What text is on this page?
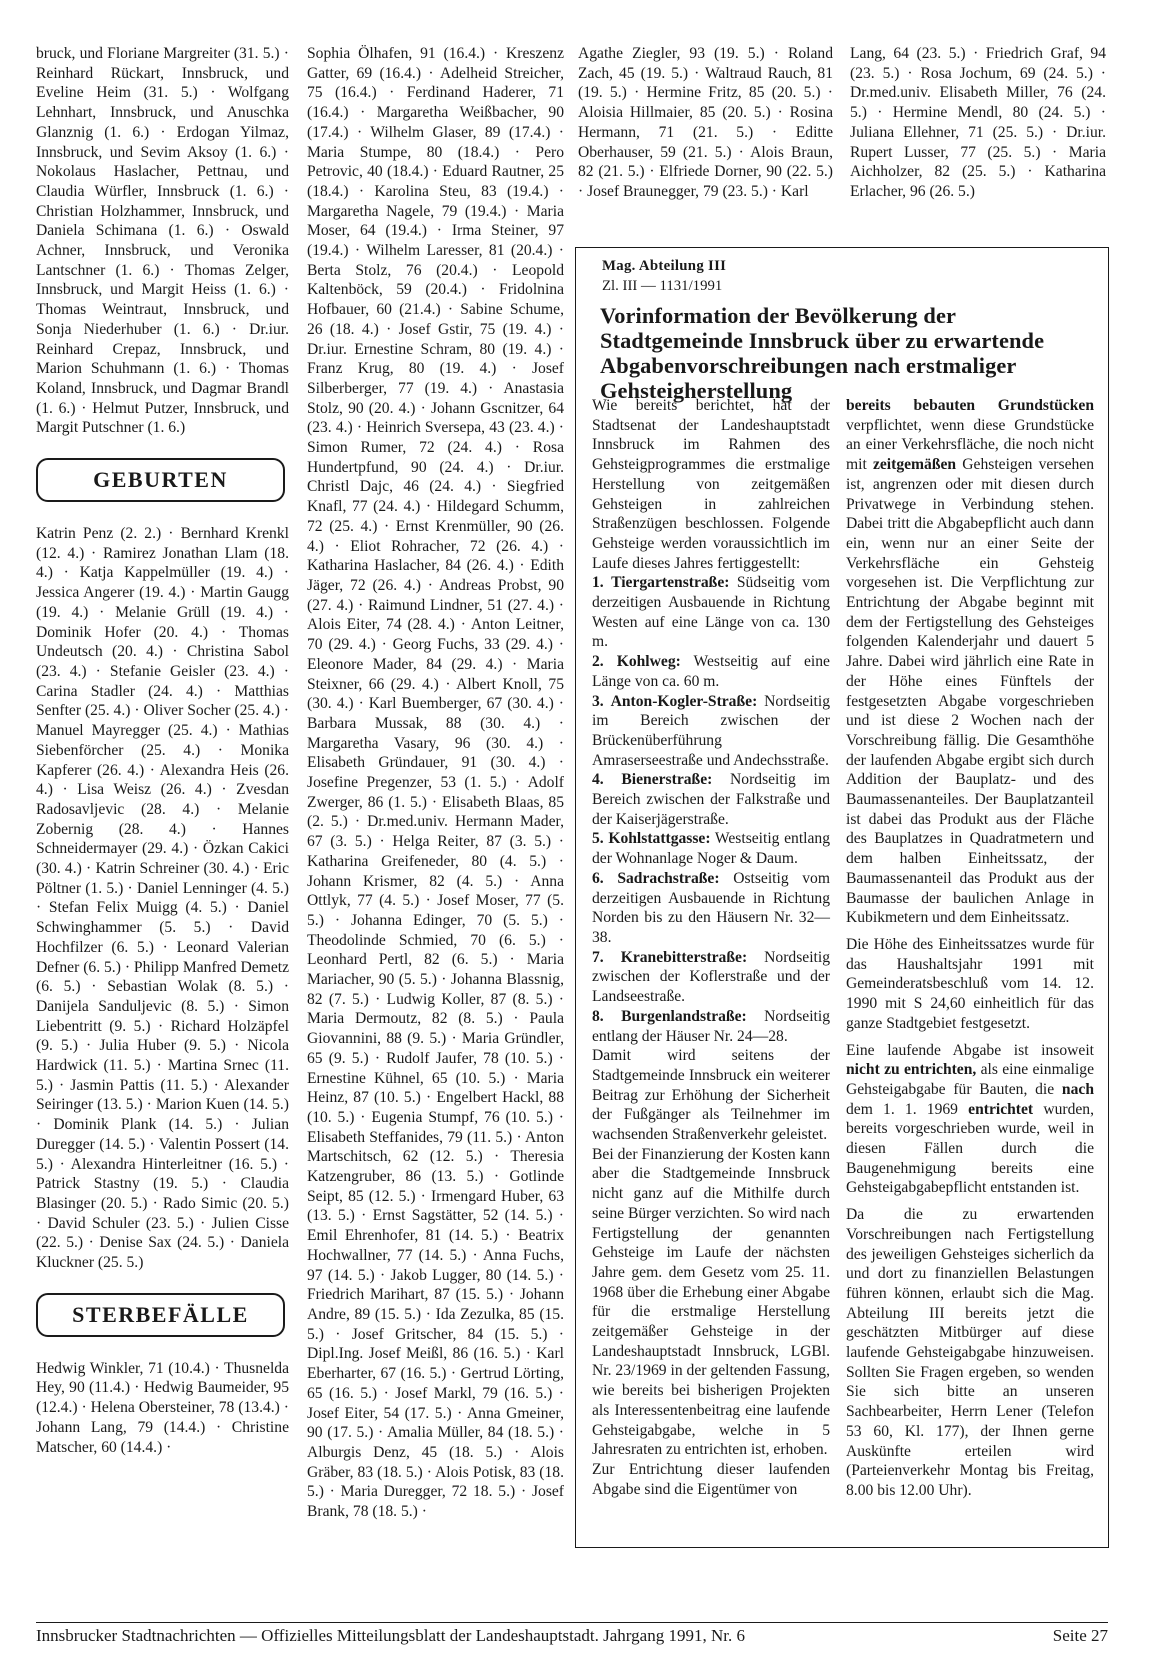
bruck, und Floriane Margreiter (31. 5.) · Reinhard Rückart, Innsbruck, und Eveline Heim (31. 5.) · Wolfgang Lehnhart, Innsbruck, und Anuschka Glanznig (1. 6.) · Erdogan Yilmaz, Innsbruck, und Sevim Aksoy (1. 6.) · Nokolaus Haslacher, Pettnau, und Claudia Würfler, Innsbruck (1. 6.) · Christian Holzhammer, Innsbruck, und Daniela Schimana (1. 6.) · Oswald Achner, Innsbruck, und Veronika Lantschner (1. 6.) · Thomas Zelger, Innsbruck, und Margit Heiss (1. 6.) · Thomas Weintraut, Innsbruck, und Sonja Niederhuber (1. 6.) · Dr.iur. Reinhard Crepaz, Innsbruck, und Marion Schuhmann (1. 6.) · Thomas Koland, Innsbruck, und Dagmar Brandl (1. 6.) · Helmut Putzer, Innsbruck, und Margit Putschner (1. 6.)

GEBURTEN

Katrin Penz (2. 2.) · Bernhard Krenkl (12. 4.) · Ramirez Jonathan Llam (18. 4.) · Katja Kappelmüller (19. 4.) · Jessica Angerer (19. 4.) · Martin Gaugg (19. 4.) · Melanie Grüll (19. 4.) · Dominik Hofer (20. 4.) · Thomas Undeutsch (20. 4.) · Christina Sabol (23. 4.) · Stefanie Geisler (23. 4.) · Carina Stadler (24. 4.) · Matthias Senfter (25. 4.) · Oliver Socher (25. 4.) · Manuel Mayregger (25. 4.) · Mathias Siebenförcher (25. 4.) · Monika Kapferer (26. 4.) · Alexandra Heis (26. 4.) · Lisa Weisz (26. 4.) · Zvesdan Radosavljevic (28. 4.) · Melanie Zobernig (28. 4.) · Hannes Schneidermayer (29. 4.) · Özkan Cakici (30. 4.) · Katrin Schreiner (30. 4.) · Eric Pöltner (1. 5.) · Daniel Lenninger (4. 5.) · Stefan Felix Muigg (4. 5.) · Daniel Schwinghammer (5. 5.) · David Hochfilzer (6. 5.) · Leonard Valerian Defner (6. 5.) · Philipp Manfred Demetz (6. 5.) · Sebastian Wolak (8. 5.) · Danijela Sanduljevic (8. 5.) · Simon Liebentritt (9. 5.) · Richard Holzäpfel (9. 5.) · Julia Huber (9. 5.) · Nicola Hardwick (11. 5.) · Martina Srnec (11. 5.) · Jasmin Pattis (11. 5.) · Alexander Seiringer (13. 5.) · Marion Kuen (14. 5.) · Dominik Plank (14. 5.) · Julian Duregger (14. 5.) · Valentin Possert (14. 5.) · Alexandra Hinterleitner (16. 5.) · Patrick Stastny (19. 5.) · Claudia Blasinger (20. 5.) · Rado Simic (20. 5.) · David Schuler (23. 5.) · Julien Cisse (22. 5.) · Denise Sax (24. 5.) · Daniela Kluckner (25. 5.)

STERBEFÄLLE

Hedwig Winkler, 71 (10.4.) · Thusnelda Hey, 90 (11.4.) · Hedwig Baumeider, 95 (12.4.) · Helena Obersteiner, 78 (13.4.) · Johann Lang, 79 (14.4.) · Christine Matscher, 60 (14.4.) ·

Sophia Ölhafen, 91 (16.4.) · Kreszenz Gatter, 69 (16.4.) · Adelheid Streicher, 75 (16.4.) · Ferdinand Haderer, 71 (16.4.) · Margaretha Weißbacher, 90 (17.4.) · Wilhelm Glaser, 89 (17.4.) · Maria Stumpe, 80 (18.4.) · Pero Petrovic, 40 (18.4.) · Eduard Rautner, 25 (18.4.) · Karolina Steu, 83 (19.4.) · Margaretha Nagele, 79 (19.4.) · Maria Moser, 64 (19.4.) · Irma Steiner, 97 (19.4.) · Wilhelm Laresser, 81 (20.4.) · Berta Stolz, 76 (20.4.) · Leopold Kaltenböck, 59 (20.4.) · Fridolnina Hofbauer, 60 (21.4.) · Sabine Schume, 26 (18. 4.) · Josef Gstir, 75 (19. 4.) · Dr.iur. Ernestine Schram, 80 (19. 4.) · Franz Krug, 80 (19. 4.) · Josef Silberberger, 77 (19. 4.) · Anastasia Stolz, 90 (20. 4.) · Johann Gscnitzer, 64 (23. 4.) · Heinrich Sversepa, 43 (23. 4.) · Simon Rumer, 72 (24. 4.) · Rosa Hundertpfund, 90 (24. 4.) · Dr.iur. Christl Dajc, 46 (24. 4.) · Siegfried Knafl, 77 (24. 4.) · Hildegard Schumm, 72 (25. 4.) · Ernst Krenmüller, 90 (26. 4.) · Eliot Rohracher, 72 (26. 4.) · Katharina Haslacher, 84 (26. 4.) · Edith Jäger, 72 (26. 4.) · Andreas Probst, 90 (27. 4.) · Raimund Lindner, 51 (27. 4.) · Alois Eiter, 74 (28. 4.) · Anton Leitner, 70 (29. 4.) · Georg Fuchs, 33 (29. 4.) · Eleonore Mader, 84 (29. 4.) · Maria Steixner, 66 (29. 4.) · Albert Knoll, 75 (30. 4.) · Karl Buemberger, 67 (30. 4.) · Barbara Mussak, 88 (30. 4.) · Margaretha Vasary, 96 (30. 4.) · Elisabeth Gründauer, 91 (30. 4.) · Josefine Pregenzer, 53 (1. 5.) · Adolf Zwerger, 86 (1. 5.) · Elisabeth Blaas, 85 (2. 5.) · Dr.med.univ. Hermann Mader, 67 (3. 5.) · Helga Reiter, 87 (3. 5.) · Katharina Greifeneder, 80 (4. 5.) · Johann Krismer, 82 (4. 5.) · Anna Ottlyk, 77 (4. 5.) · Josef Moser, 77 (5. 5.) · Johanna Edinger, 70 (5. 5.) · Theodolinde Schmied, 70 (6. 5.) · Leonhard Pertl, 82 (6. 5.) · Maria Mariacher, 90 (5. 5.) · Johanna Blassnig, 82 (7. 5.) · Ludwig Koller, 87 (8. 5.) · Maria Dermoutz, 82 (8. 5.) · Paula Giovannini, 88 (9. 5.) · Maria Gründler, 65 (9. 5.) · Rudolf Jaufer, 78 (10. 5.) · Ernestine Kühnel, 65 (10. 5.) · Maria Heinz, 87 (10. 5.) · Engelbert Hackl, 88 (10. 5.) · Eugenia Stumpf, 76 (10. 5.) · Elisabeth Steffanides, 79 (11. 5.) · Anton Martschitsch, 62 (12. 5.) · Theresia Katzengruber, 86 (13. 5.) · Gotlinde Seipt, 85 (12. 5.) · Irmengard Huber, 63 (13. 5.) · Ernst Sagstätter, 52 (14. 5.) · Emil Ehrenhofer, 81 (14. 5.) · Beatrix Hochwallner, 77 (14. 5.) · Anna Fuchs, 97 (14. 5.) · Jakob Lugger, 80 (14. 5.) · Friedrich Marihart, 87 (15. 5.) · Johann Andre, 89 (15. 5.) · Ida Zezulka, 85 (15. 5.) · Josef Gritscher, 84 (15. 5.) · Dipl.Ing. Josef Meißl, 86 (16. 5.) · Karl Eberharter, 67 (16. 5.) · Gertrud Lörting, 65 (16. 5.) · Josef Markl, 79 (16. 5.) · Josef Eiter, 54 (17. 5.) · Anna Gmeiner, 90 (17. 5.) · Amalia Müller, 84 (18. 5.) · Alburgis Denz, 45 (18. 5.) · Alois Gräber, 83 (18. 5.) · Alois Potisk, 83 (18. 5.) · Maria Duregger, 72 18. 5.) · Josef Brank, 78 (18. 5.) ·

Agathe Ziegler, 93 (19. 5.) · Roland Zach, 45 (19. 5.) · Waltraud Rauch, 81 (19. 5.) · Hermine Fritz, 85 (20. 5.) · Aloisia Hillmaier, 85 (20. 5.) · Rosina Hermann, 71 (21. 5.) · Editte Oberhauser, 59 (21. 5.) · Alois Braun, 82 (21. 5.) · Elfriede Dorner, 90 (22. 5.) · Josef Braunegger, 79 (23. 5.) · Karl

Lang, 64 (23. 5.) · Friedrich Graf, 94 (23. 5.) · Rosa Jochum, 69 (24. 5.) · Dr.med.univ. Elisabeth Miller, 76 (24. 5.) · Hermine Mendl, 80 (24. 5.) · Juliana Ellehner, 71 (25. 5.) · Dr.iur. Rupert Lusser, 77 (25. 5.) · Maria Aichholzer, 82 (25. 5.) · Katharina Erlacher, 96 (26. 5.)

Mag. Abteilung III
Zl. III — 1131/1991
Vorinformation der Bevölkerung der Stadtgemeinde Innsbruck über zu erwartende Abgabenvorschreibungen nach erstmaliger Gehsteigherstellung

Wie bereits berichtet, hat der Stadtsenat der Landeshauptstadt Innsbruck im Rahmen des Gehsteigprogrammes die erstmalige Herstellung von zeitgemäßen Gehsteigen in zahlreichen Straßenzügen beschlossen. Folgende Gehsteige werden voraussichtlich im Laufe dieses Jahres fertiggestellt:

1. Tiergartenstraße: Südseitig vom derzeitigen Ausbauende in Richtung Westen auf eine Länge von ca. 130 m.

2. Kohlweg: Westseitig auf eine Länge von ca. 60 m.

3. Anton-Kogler-Straße: Nordseitig im Bereich zwischen der Brückenüberführung Amraserseestraße und Andechsstraße.

4. Bienerstraße: Nordseitig im Bereich zwischen der Falkstraße und der Kaiserjägerstraße.

5. Kohlstattgasse: Westseitig entlang der Wohnanlage Noger & Daum.

6. Sadrachstraße: Ostseitig vom derzeitigen Ausbauende in Richtung Norden bis zu den Häusern Nr. 32—38.

7. Kranebitterstraße: Nordseitig zwischen der Koflerstraße und der Landseestraße.

8. Burgenlandstraße: Nordseitig entlang der Häuser Nr. 24—28.

Damit wird seitens der Stadtgemeinde Innsbruck ein weiterer Beitrag zur Erhöhung der Sicherheit der Fußgänger als Teilnehmer im wachsenden Straßenverkehr geleistet.

Bei der Finanzierung der Kosten kann aber die Stadtgemeinde Innsbruck nicht ganz auf die Mithilfe durch seine Bürger verzichten. So wird nach Fertigstellung der genannten Gehsteige im Laufe der nächsten Jahre gem. dem Gesetz vom 25. 11. 1968 über die Erhebung einer Abgabe für die erstmalige Herstellung zeitgemäßer Gehsteige in der Landeshauptstadt Innsbruck, LGBl. Nr. 23/1969 in der geltenden Fassung, wie bereits bei bisherigen Projekten als Interessentenbeitrag eine laufende Gehsteigabgabe, welche in 5 Jahresraten zu entrichten ist, erhoben.

Zur Entrichtung dieser laufenden Abgabe sind die Eigentümer von

bereits bebauten Grundstücken verpflichtet, wenn diese Grundstücke an einer Verkehrsfläche, die noch nicht mit zeitgemäßen Gehsteigen versehen ist, angrenzen oder mit diesen durch Privatwege in Verbindung stehen. Dabei tritt die Abgabepflicht auch dann ein, wenn nur an einer Seite der Verkehrsfläche ein Gehsteig vorgesehen ist. Die Verpflichtung zur Entrichtung der Abgabe beginnt mit dem der Fertigstellung des Gehsteiges folgenden Kalenderjahr und dauert 5 Jahre. Dabei wird jährlich eine Rate in der Höhe eines Fünftels der festgesetzten Abgabe vorgeschrieben und ist diese 2 Wochen nach der Vorschreibung fällig. Die Gesamthöhe der laufenden Abgabe ergibt sich durch Addition der Bauplatz- und des Baumassenanteiles. Der Bauplatzanteil ist dabei das Produkt aus der Fläche des Bauplatzes in Quadratmetern und dem halben Einheitssatz, der Baumassenanteil das Produkt aus der Baumasse der baulichen Anlage in Kubikmetern und dem Einheitssatz.

Die Höhe des Einheitssatzes wurde für das Haushaltsjahr 1991 mit Gemeinderatsbeschluß vom 14. 12. 1990 mit S 24,60 einheitlich für das ganze Stadtgebiet festgesetzt.

Eine laufende Abgabe ist insoweit nicht zu entrichten, als eine einmalige Gehsteigabgabe für Bauten, die nach dem 1. 1. 1969 entrichtet wurden, bereits vorgeschrieben wurde, weil in diesen Fällen durch die Baugenehmigung bereits eine Gehsteigabgabepflicht entstanden ist.

Da die zu erwartenden Vorschreibungen nach Fertigstellung des jeweiligen Gehsteiges sicherlich da und dort zu finanziellen Belastungen führen können, erlaubt sich die Mag. Abteilung III bereits jetzt die geschätzten Mitbürger auf diese laufende Gehsteigabgabe hinzuweisen. Sollten Sie Fragen ergeben, so wenden Sie sich bitte an unseren Sachbearbeiter, Herrn Lener (Telefon 53 60, Kl. 177), der Ihnen gerne Auskünfte erteilen wird (Parteienverkehr Montag bis Freitag, 8.00 bis 12.00 Uhr).

Innsbrucker Stadtnachrichten — Offizielles Mitteilungsblatt der Landeshauptstadt. Jahrgang 1991, Nr. 6	Seite 27
